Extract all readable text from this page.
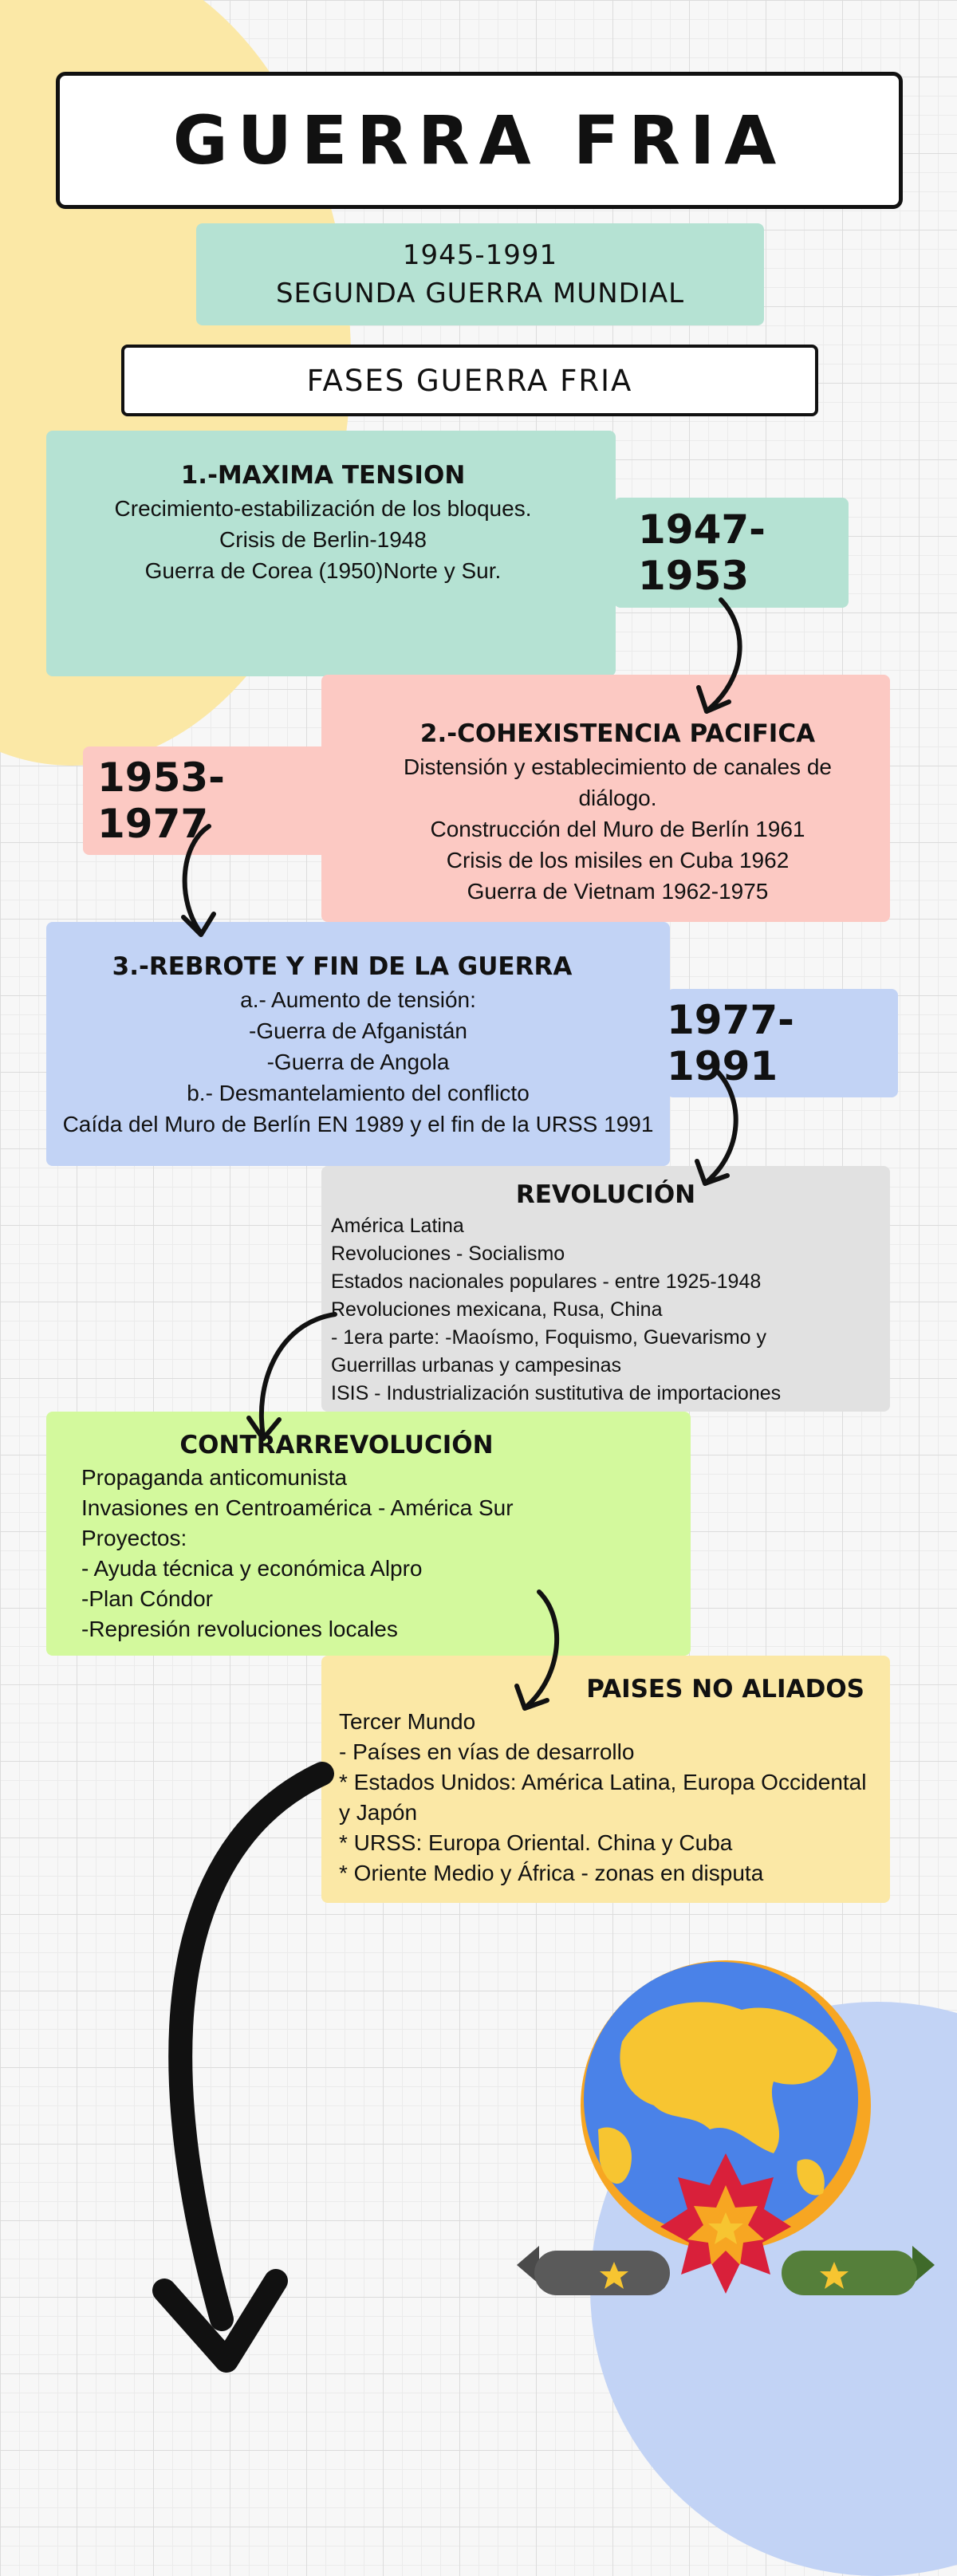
GUERRA FRIA
1945-1991
SEGUNDA GUERRA MUNDIAL
FASES GUERRA FRIA
1.-MAXIMA TENSION
Crecimiento-estabilización de los bloques.
Crisis de Berlin-1948
Guerra de Corea (1950)Norte y Sur.
1947-1953
2.-COHEXISTENCIA PACIFICA
Distensión y establecimiento de canales de
diálogo.
Construcción del Muro de Berlín 1961
Crisis de los misiles en Cuba 1962
Guerra de Vietnam 1962-1975
1953-1977
3.-REBROTE Y FIN DE LA GUERRA
a.- Aumento de tensión:
-Guerra de Afganistán
-Guerra de Angola
b.- Desmantelamiento del conflicto
Caída del Muro de Berlín EN 1989 y el fin de la URSS 1991
1977-1991
REVOLUCIÓN
América Latina
Revoluciones - Socialismo
Estados nacionales populares - entre 1925-1948
Revoluciones mexicana, Rusa, China
- 1era parte: -Maoísmo, Foquismo, Guevarismo y
Guerrillas urbanas y campesinas
ISIS - Industrialización sustitutiva de importaciones
CONTRARREVOLUCIÓN
Propaganda anticomunista
Invasiones en Centroamérica - América Sur
Proyectos:
- Ayuda técnica y económica Alpro
-Plan Cóndor
-Represión revoluciones locales
PAISES NO ALIADOS
Tercer Mundo
- Países en vías de desarrollo
* Estados Unidos: América Latina, Europa Occidental
y Japón
* URSS: Europa Oriental. China y Cuba
* Oriente Medio y África - zonas en disputa
